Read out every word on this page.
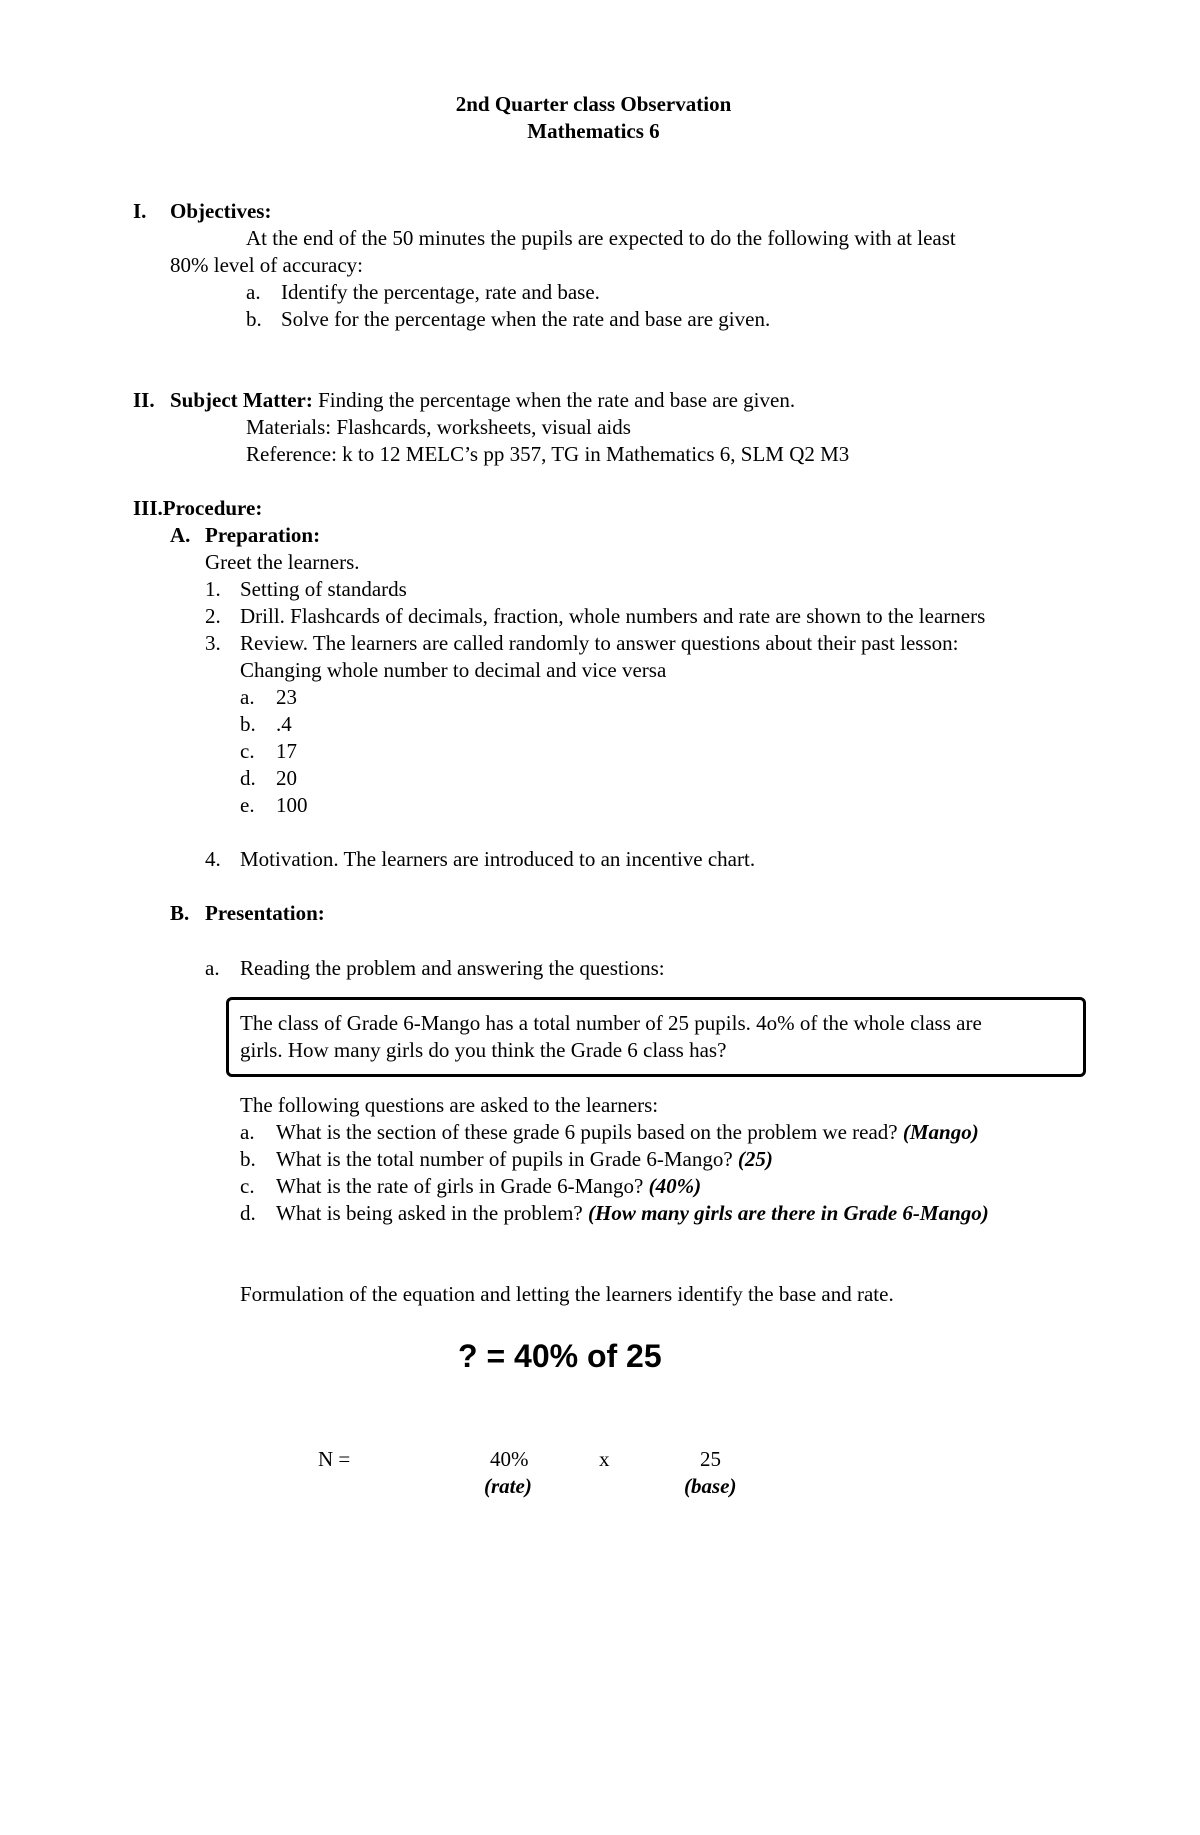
2nd Quarter class Observation
Mathematics 6
I. Objectives:
At the end of the 50 minutes the pupils are expected to do the following with at least
80% level of accuracy:
a. Identify the percentage, rate and base.
b. Solve for the percentage when the rate and base are given.
II. Subject Matter: Finding the percentage when the rate and base are given.
Materials: Flashcards, worksheets, visual aids
Reference: k to 12 MELC’s pp 357, TG in Mathematics 6, SLM Q2 M3
III.Procedure:
A. Preparation:
Greet the learners.
1. Setting of standards
2. Drill. Flashcards of decimals, fraction, whole numbers and rate are shown to the learners
3. Review. The learners are called randomly to answer questions about their past lesson:
Changing whole number to decimal and vice versa
a. 23
b. .4
c. 17
d. 20
e. 100
4. Motivation. The learners are introduced to an incentive chart.
B. Presentation:
a. Reading the problem and answering the questions:
The class of Grade 6-Mango has a total number of 25 pupils. 4o% of the whole class are
girls. How many girls do you think the Grade 6 class has?
The following questions are asked to the learners:
a. What is the section of these grade 6 pupils based on the problem we read? (Mango)
b. What is the total number of pupils in Grade 6-Mango? (25)
c. What is the rate of girls in Grade 6-Mango? (40%)
d. What is being asked in the problem? (How many girls are there in Grade 6-Mango)
Formulation of the equation and letting the learners identify the base and rate.
? = 40% of 25
N =	40%	x	25
(rate)	(base)
